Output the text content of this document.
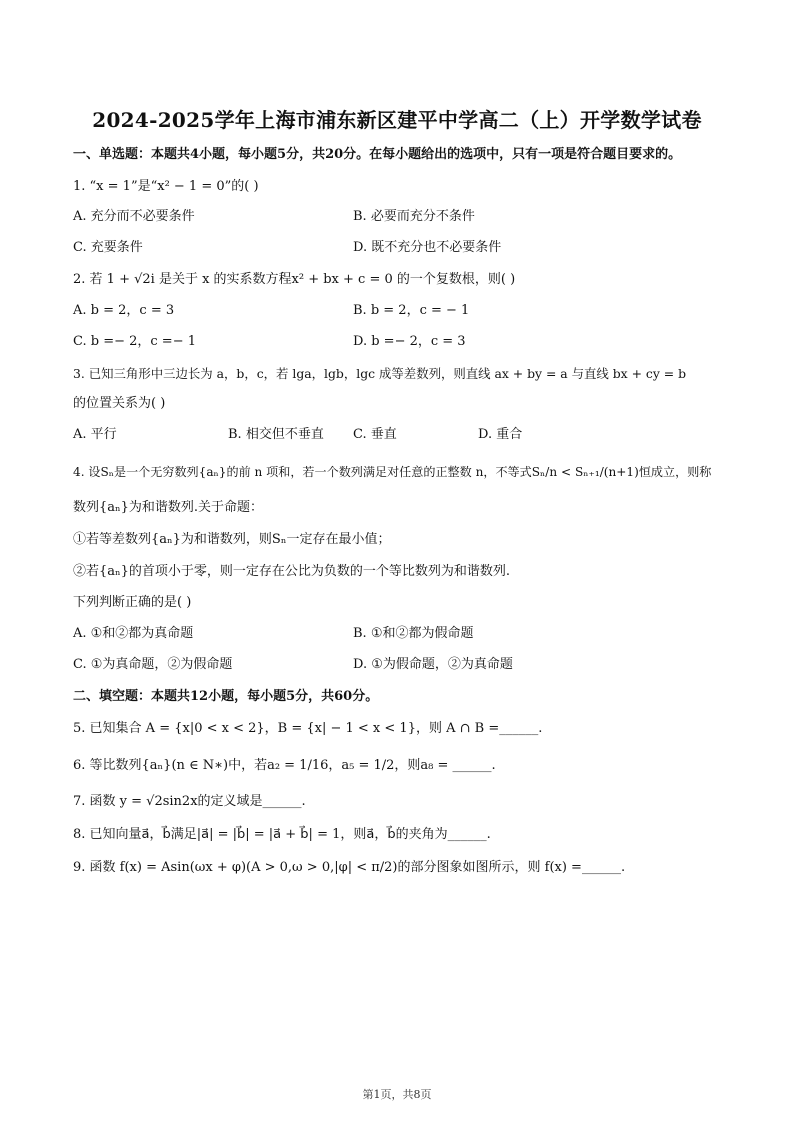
2024-2025学年上海市浦东新区建平中学高二（上）开学数学试卷
一、单选题：本题共4小题，每小题5分，共20分。在每小题给出的选项中，只有一项是符合题目要求的。
1. “x = 1”是“x² − 1 = 0”的( )
A. 充分而不必要条件	B. 必要而充分不条件
C. 充要条件	D. 既不充分也不必要条件
2. 若 1 + √2i 是关于 x 的实系数方程x² + bx + c = 0 的一个复数根，则( )
A. b = 2，c = 3	B. b = 2，c = − 1
C. b =− 2，c =− 1	D. b =− 2，c = 3
3. 已知三角形中三边长为 a，b，c，若 lga，lgb，lgc 成等差数列，则直线 ax + by = a 与直线 bx + cy = b
的位置关系为( )
A. 平行	B. 相交但不垂直 C. 垂直	D. 重合
4. 设Sₙ是一个无穷数列{aₙ}的前 n 项和，若一个数列满足对任意的正整数 n，不等式Sₙ/n < Sₙ₊₁/(n+1)恒成立，则称
数列{aₙ}为和谐数列.关于命题：
①若等差数列{aₙ}为和谐数列，则Sₙ一定存在最小值；
②若{aₙ}的首项小于零，则一定存在公比为负数的一个等比数列为和谐数列.
下列判断正确的是( )
A. ①和②都为真命题	B. ①和②都为假命题
C. ①为真命题，②为假命题	D. ①为假命题，②为真命题
二、填空题：本题共12小题，每小题5分，共60分。
5. 已知集合 A = {x|0 < x < 2}，B = {x| − 1 < x < 1}，则 A ∩ B =______.
6. 等比数列{aₙ}(n ∈ N∗)中，若a₂ = 1/16，a₅ = 1/2，则a₈ = ______.
7. 函数 y = √2sin2x的定义域是______.
8. 已知向量a⃗，b⃗满足|a⃗| = |b⃗| = |a⃗ + b⃗| = 1，则a⃗，b⃗的夹角为______.
9. 函数 f(x) = Asin(ωx + φ)(A > 0,ω > 0,|φ| < π/2)的部分图象如图所示，则 f(x) =______.
第1页，共8页
